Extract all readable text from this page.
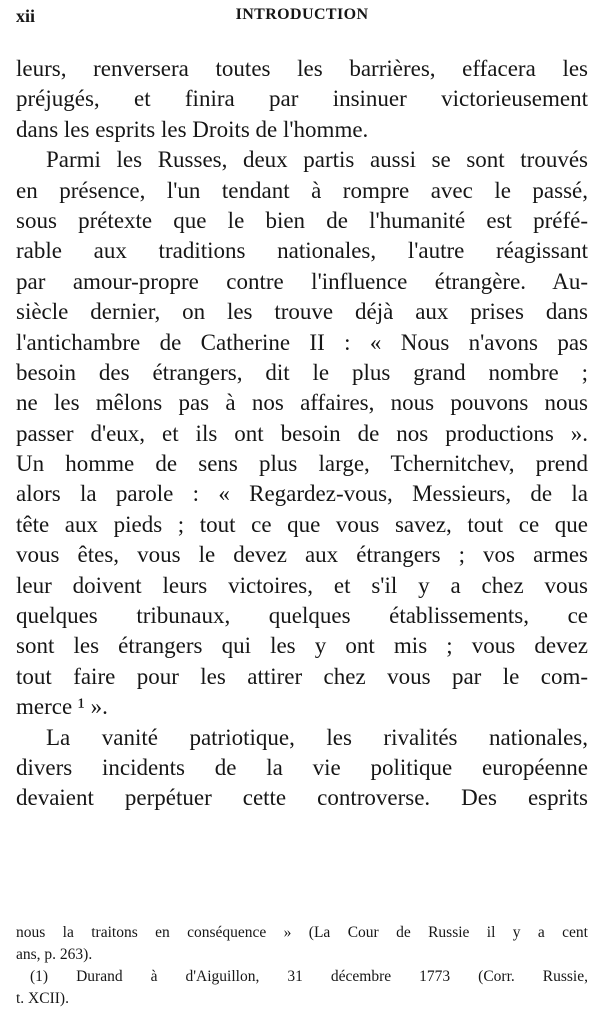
xii	INTRODUCTION
leurs, renversera toutes les barrières, effacera les
préjugés, et finira par insinuer victorieusement
dans les esprits les Droits de l'homme.
Parmi les Russes, deux partis aussi se sont trouvés
en présence, l'un tendant à rompre avec le passé,
sous prétexte que le bien de l'humanité est préfé-
rable aux traditions nationales, l'autre réagissant
par amour-propre contre l'influence étrangère. Au-
siècle dernier, on les trouve déjà aux prises dans
l'antichambre de Catherine II : « Nous n'avons pas
besoin des étrangers, dit le plus grand nombre ;
ne les mêlons pas à nos affaires, nous pouvons nous
passer d'eux, et ils ont besoin de nos productions ».
Un homme de sens plus large, Tchernitchev, prend
alors la parole : « Regardez-vous, Messieurs, de la
tête aux pieds ; tout ce que vous savez, tout ce que
vous êtes, vous le devez aux étrangers ; vos armes
leur doivent leurs victoires, et s'il y a chez vous
quelques tribunaux, quelques établissements, ce
sont les étrangers qui les y ont mis ; vous devez
tout faire pour les attirer chez vous par le com-
merce ¹ ».
La vanité patriotique, les rivalités nationales,
divers incidents de la vie politique européenne
devaient perpétuer cette controverse. Des esprits
nous la traitons en conséquence » (La Cour de Russie il y a cent
ans, p. 263).
(1) Durand à d'Aiguillon, 31 décembre 1773 (Corr. Russie,
t. XCII).
